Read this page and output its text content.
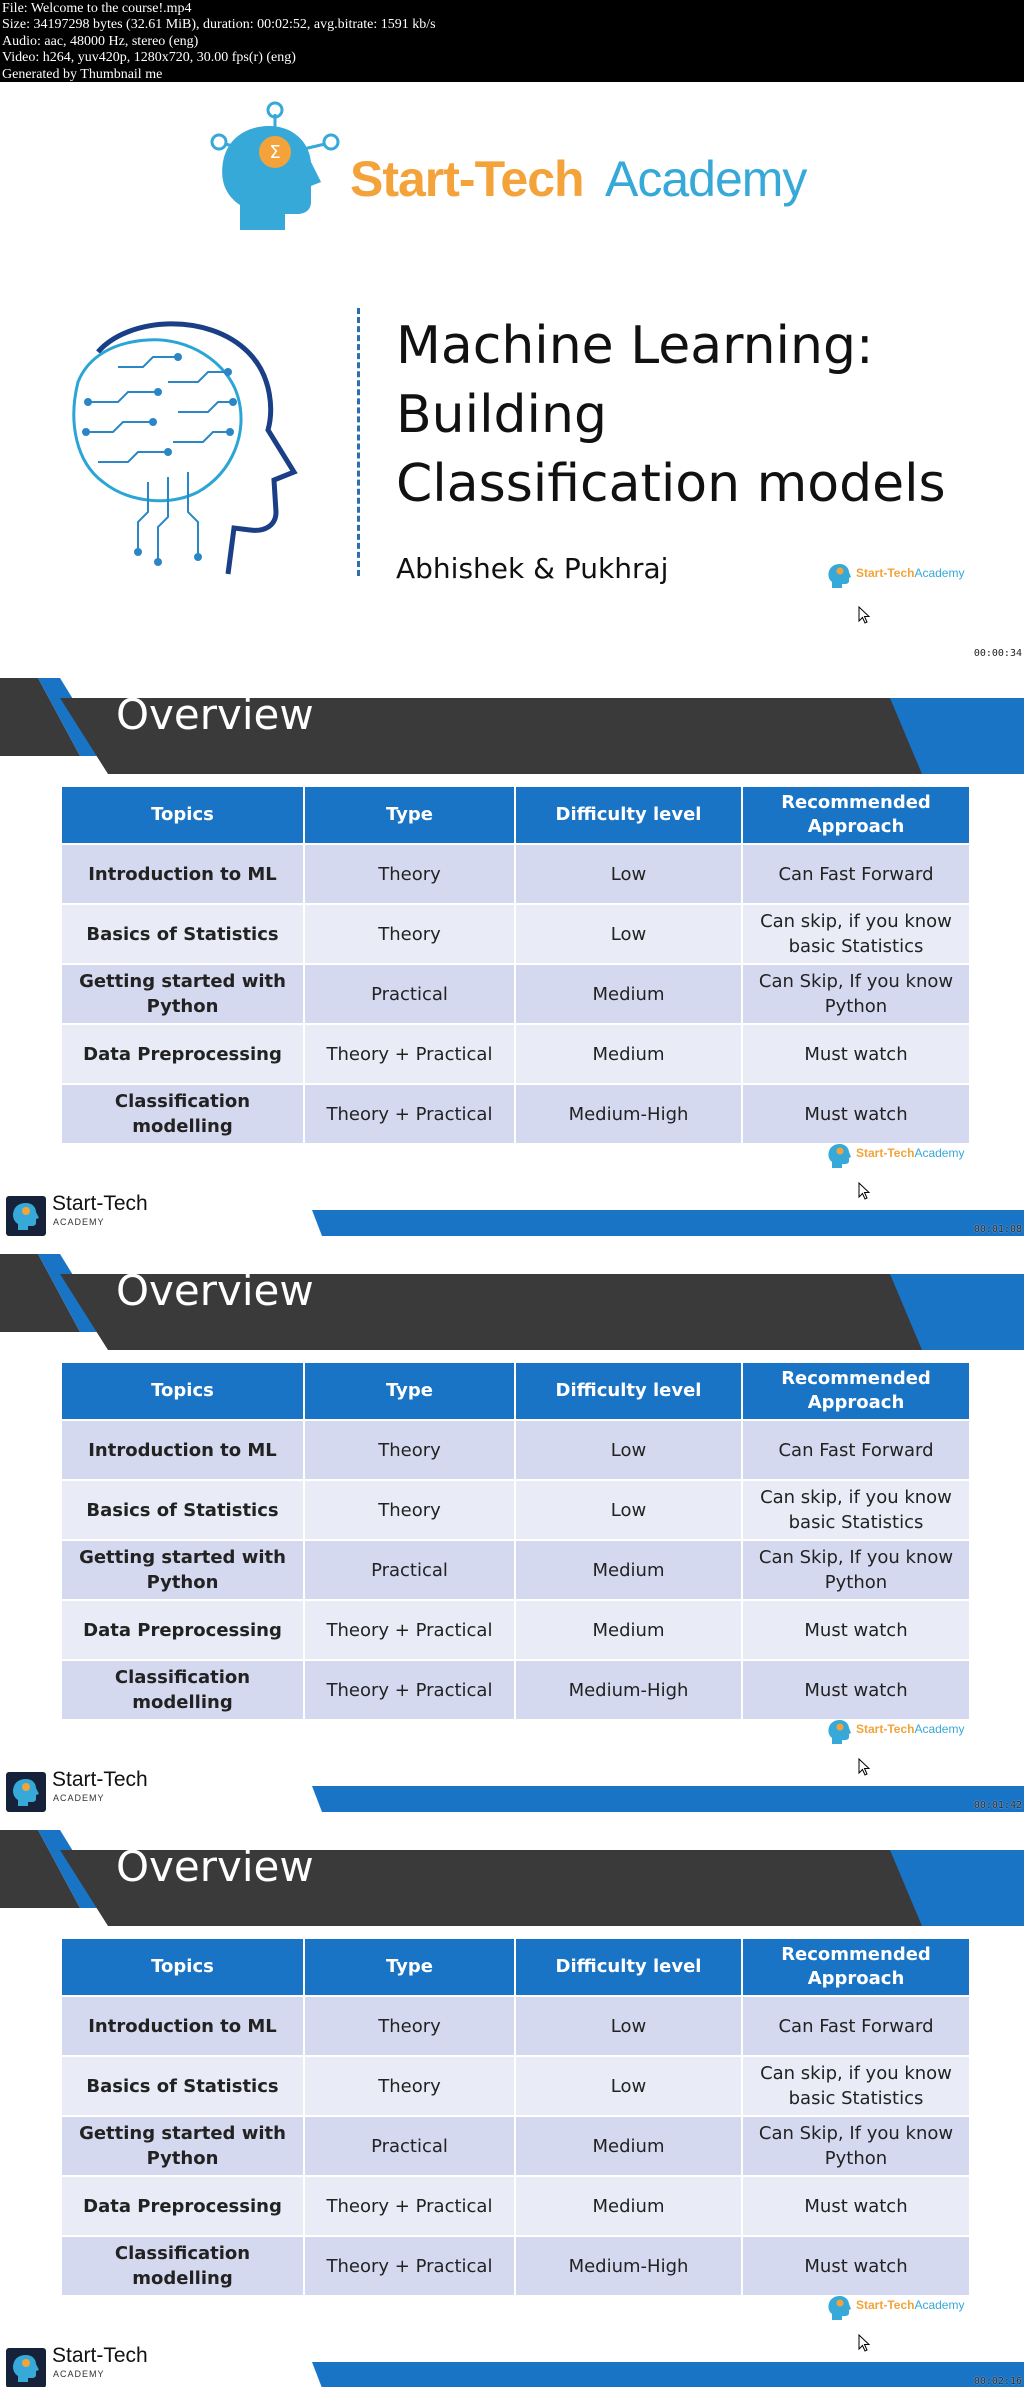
File: Welcome to the course!.mp4
Size: 34197298 bytes (32.61 MiB), duration: 00:02:52, avg.bitrate: 1591 kb/s
Audio: aac, 48000 Hz, stereo (eng)
Video: h264, yuv420p, 1280x720, 30.00 fps(r) (eng)
Generated by Thumbnail me
Σ Start-Tech Academy
Machine Learning:
Building
Classification models
Abhishek & Pukhraj	Start-TechAcademy
00:00:34
Overview
Topics	Type	Difficulty level	Recommended Approach
Introduction to ML	Theory	Low	Can Fast Forward
Basics of Statistics	Theory	Low	Can skip, if you know basic Statistics
Getting started with Python	Practical	Medium	Can Skip, If you know Python
Data Preprocessing	Theory + Practical	Medium	Must watch
Classification modelling	Theory + Practical	Medium-High	Must watch
Start-TechAcademy
Start-Tech
ACADEMY
00:01:08
Overview
Topics	Type	Difficulty level	Recommended Approach
Introduction to ML	Theory	Low	Can Fast Forward
Basics of Statistics	Theory	Low	Can skip, if you know basic Statistics
Getting started with Python	Practical	Medium	Can Skip, If you know Python
Data Preprocessing	Theory + Practical	Medium	Must watch
Classification modelling	Theory + Practical	Medium-High	Must watch
Start-TechAcademy
Start-Tech
ACADEMY
00:01:42
Overview
Topics	Type	Difficulty level	Recommended Approach
Introduction to ML	Theory	Low	Can Fast Forward
Basics of Statistics	Theory	Low	Can skip, if you know basic Statistics
Getting started with Python	Practical	Medium	Can Skip, If you know Python
Data Preprocessing	Theory + Practical	Medium	Must watch
Classification modelling	Theory + Practical	Medium-High	Must watch
Start-TechAcademy
Start-Tech
ACADEMY
00:02:16
